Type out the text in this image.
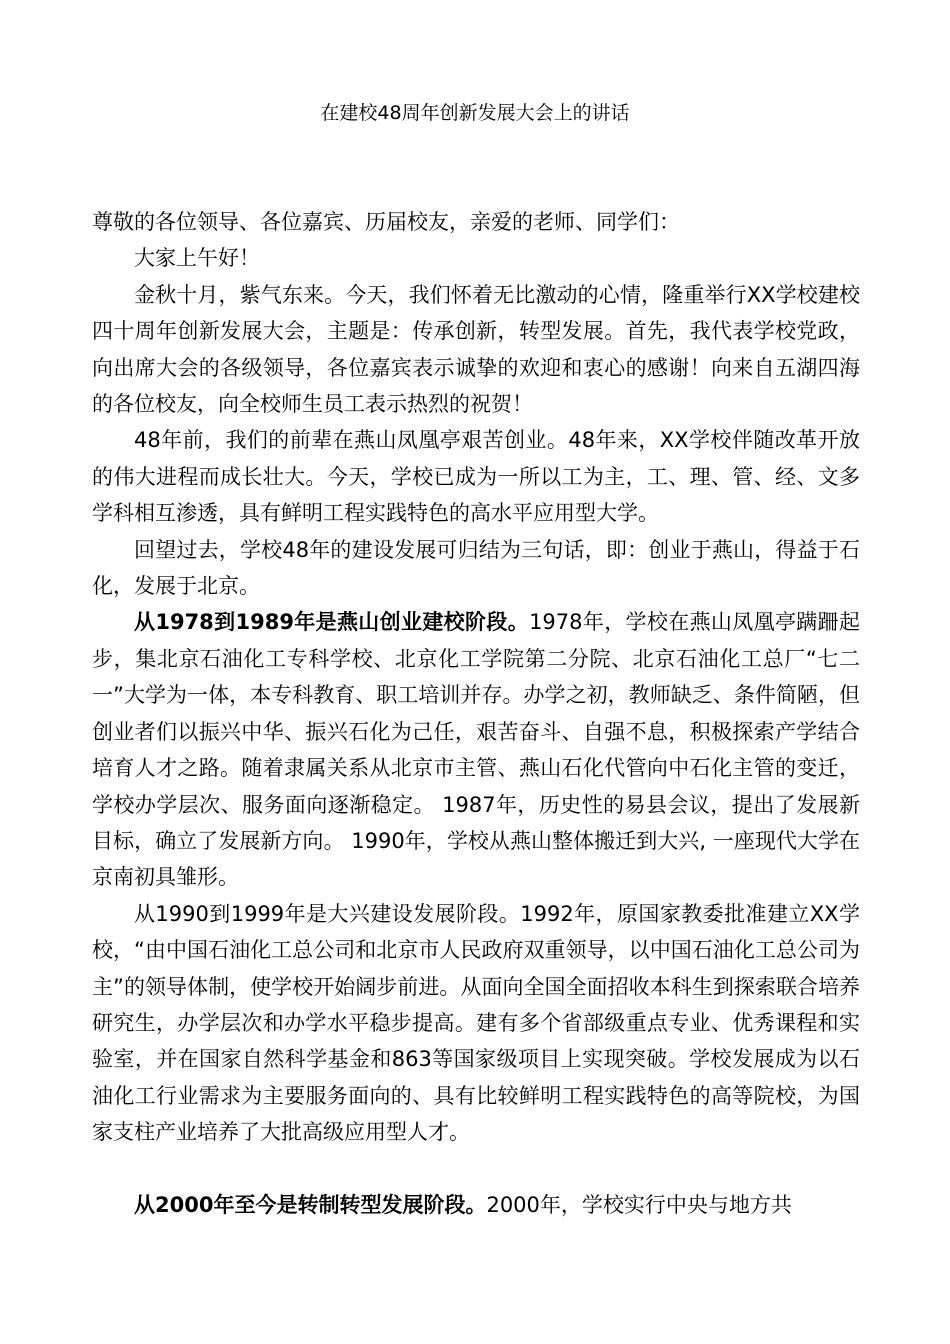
在建校48周年创新发展大会上的讲话

尊敬的各位领导、各位嘉宾、历届校友，亲爱的老师、同学们：

大家上午好！

金秋十月，紫气东来。今天，我们怀着无比激动的心情，隆重举行XX学校建校四十周年创新发展大会，主题是：传承创新，转型发展。首先，我代表学校党政，向出席大会的各级领导，各位嘉宾表示诚挚的欢迎和衷心的感谢！向来自五湖四海的各位校友，向全校师生员工表示热烈的祝贺！

48年前，我们的前辈在燕山凤凰亭艰苦创业。48年来，XX学校伴随改革开放的伟大进程而成长壮大。今天，学校已成为一所以工为主，工、理、管、经、文多学科相互渗透，具有鲜明工程实践特色的高水平应用型大学。

回望过去，学校48年的建设发展可归结为三句话，即：创业于燕山，得益于石化，发展于北京。

从1978到1989年是燕山创业建校阶段。1978年，学校在燕山凤凰亭蹒跚起步，集北京石油化工专科学校、北京化工学院第二分院、北京石油化工总厂“七二一”大学为一体，本专科教育、职工培训并存。办学之初，教师缺乏、条件简陋，但创业者们以振兴中华、振兴石化为己任，艰苦奋斗、自强不息，积极探索产学结合培育人才之路。随着隶属关系从北京市主管、燕山石化代管向中石化主管的变迁，学校办学层次、服务面向逐渐稳定。 1987年，历史性的易县会议，提出了发展新目标，确立了发展新方向。 1990年，学校从燕山整体搬迁到大兴, 一座现代大学在京南初具雏形。

从1990到1999年是大兴建设发展阶段。1992年，原国家教委批准建立XX学校，“由中国石油化工总公司和北京市人民政府双重领导，以中国石油化工总公司为主”的领导体制，使学校开始阔步前进。从面向全国全面招收本科生到探索联合培养研究生，办学层次和办学水平稳步提高。建有多个省部级重点专业、优秀课程和实验室，并在国家自然科学基金和863等国家级项目上实现突破。学校发展成为以石油化工行业需求为主要服务面向的、具有比较鲜明工程实践特色的高等院校，为国家支柱产业培养了大批高级应用型人才。

从2000年至今是转制转型发展阶段。2000年，学校实行中央与地方共
